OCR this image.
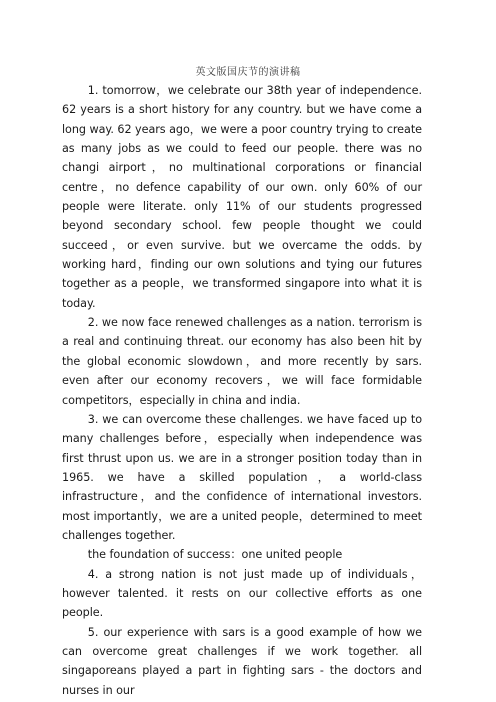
英文版国庆节的演讲稿

1. tomorrow，we celebrate our 38th year of independence. 62 years is a short history for any country. but we have come a long way. 62 years ago，we were a poor country trying to create as many jobs as we could to feed our people. there was no changi airport，no multinational corporations or financial centre，no defence capability of our own. only 60% of our people were literate. only 11% of our students progressed beyond secondary school. few people thought we could succeed，or even survive. but we overcame the odds. by working hard，finding our own solutions and tying our futures together as a people，we transformed singapore into what it is today.

2. we now face renewed challenges as a nation. terrorism is a real and continuing threat. our economy has also been hit by the global economic slowdown，and more recently by sars. even after our economy recovers，we will face formidable competitors，especially in china and india.

3. we can overcome these challenges. we have faced up to many challenges before，especially when independence was first thrust upon us. we are in a stronger position today than in 1965. we have a skilled population，a world-class infrastructure，and the confidence of international investors. most importantly，we are a united people，determined to meet challenges together.

the foundation of success：one united people

4. a strong nation is not just made up of individuals，however talented. it rests on our collective efforts as one people.

5. our experience with sars is a good example of how we can overcome great challenges if we work together. all singaporeans played a part in fighting sars - the doctors and nurses in our
